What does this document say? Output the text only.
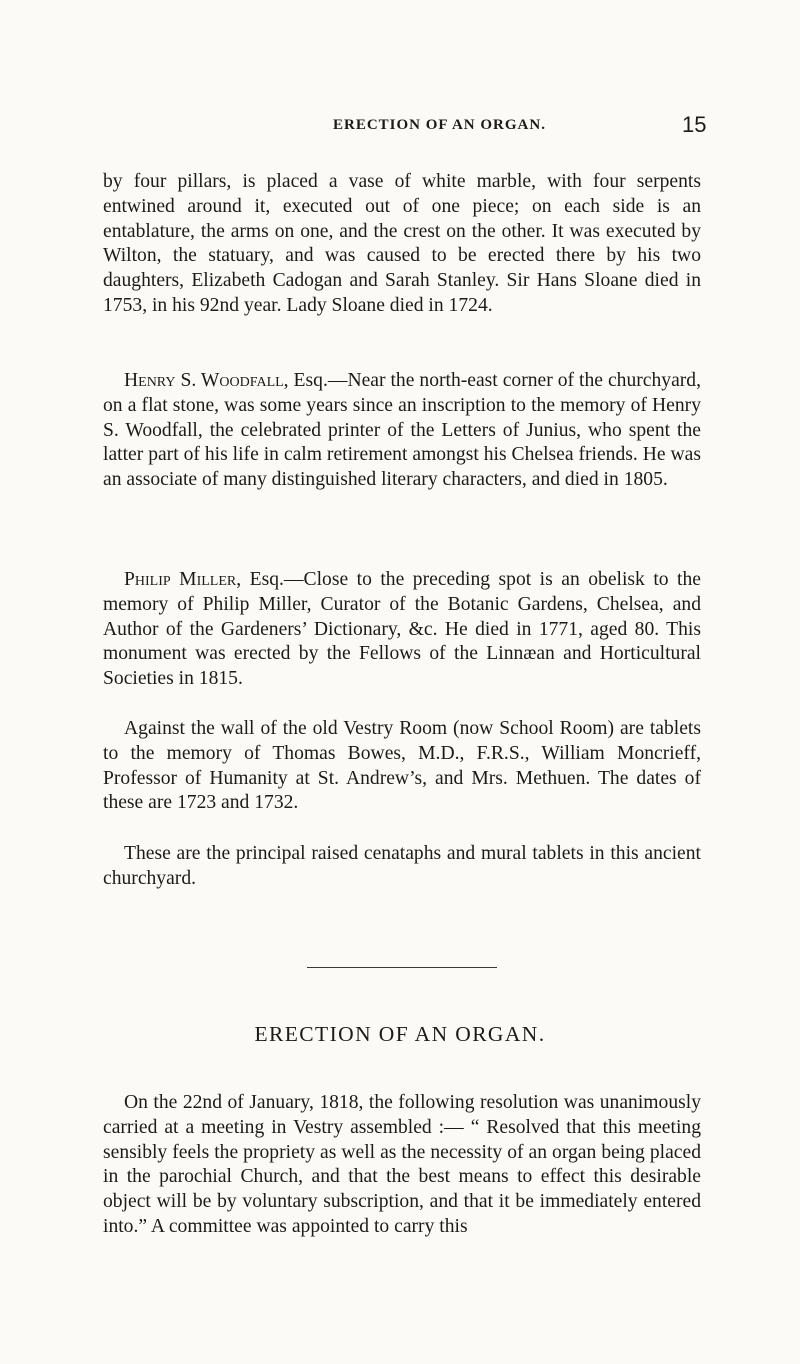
ERECTION OF AN ORGAN.	15

by four pillars, is placed a vase of white marble, with four serpents entwined around it, executed out of one piece; on each side is an entablature, the arms on one, and the crest on the other. It was executed by Wilton, the statuary, and was caused to be erected there by his two daughters, Elizabeth Cadogan and Sarah Stanley. Sir Hans Sloane died in 1753, in his 92nd year. Lady Sloane died in 1724.

Henry S. Woodfall, Esq.—Near the north-east corner of the churchyard, on a flat stone, was some years since an inscription to the memory of Henry S. Woodfall, the celebrated printer of the Letters of Junius, who spent the latter part of his life in calm retirement amongst his Chelsea friends. He was an associate of many distinguished literary characters, and died in 1805.

Philip Miller, Esq.—Close to the preceding spot is an obelisk to the memory of Philip Miller, Curator of the Botanic Gardens, Chelsea, and Author of the Gardeners’ Dictionary, &c. He died in 1771, aged 80. This monument was erected by the Fellows of the Linnæan and Horticultural Societies in 1815.

Against the wall of the old Vestry Room (now School Room) are tablets to the memory of Thomas Bowes, M.D., F.R.S., William Moncrieff, Professor of Humanity at St. Andrew’s, and Mrs. Methuen. The dates of these are 1723 and 1732.

These are the principal raised cenataphs and mural tablets in this ancient churchyard.

ERECTION OF AN ORGAN.

On the 22nd of January, 1818, the following resolution was unanimously carried at a meeting in Vestry assembled :— “ Resolved that this meeting sensibly feels the propriety as well as the necessity of an organ being placed in the parochial Church, and that the best means to effect this desirable object will be by voluntary subscription, and that it be immediately entered into.” A committee was appointed to carry this
